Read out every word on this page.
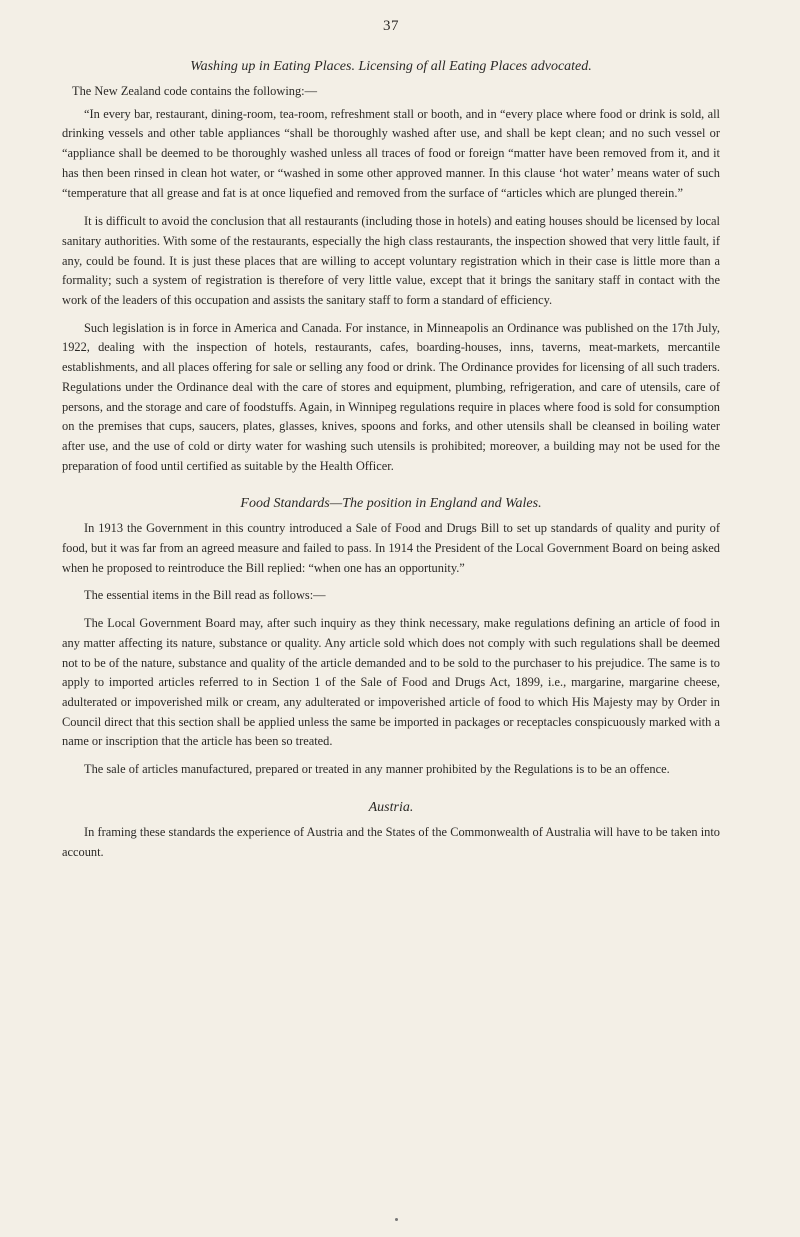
37
Washing up in Eating Places. Licensing of all Eating Places advocated.

The New Zealand code contains the following:—

“In every bar, restaurant, dining-room, tea-room, refreshment stall or booth, and in “every place where food or drink is sold, all drinking vessels and other table appliances “shall be thoroughly washed after use, and shall be kept clean; and no such vessel or “appliance shall be deemed to be thoroughly washed unless all traces of food or foreign “matter have been removed from it, and it has then been rinsed in clean hot water, or “washed in some other approved manner. In this clause ‘hot water’ means water of such “temperature that all grease and fat is at once liquefied and removed from the surface of “articles which are plunged therein.”

It is difficult to avoid the conclusion that all restaurants (including those in hotels) and eating houses should be licensed by local sanitary authorities. With some of the restaurants, especially the high class restaurants, the inspection showed that very little fault, if any, could be found. It is just these places that are willing to accept voluntary registration which in their case is little more than a formality; such a system of registration is therefore of very little value, except that it brings the sanitary staff in contact with the work of the leaders of this occupation and assists the sanitary staff to form a standard of efficiency.

Such legislation is in force in America and Canada. For instance, in Minneapolis an Ordinance was published on the 17th July, 1922, dealing with the inspection of hotels, restaurants, cafes, boarding-houses, inns, taverns, meat-markets, mercantile establishments, and all places offering for sale or selling any food or drink. The Ordinance provides for licensing of all such traders. Regulations under the Ordinance deal with the care of stores and equipment, plumbing, refrigeration, and care of utensils, care of persons, and the storage and care of foodstuffs. Again, in Winnipeg regulations require in places where food is sold for consumption on the premises that cups, saucers, plates, glasses, knives, spoons and forks, and other utensils shall be cleansed in boiling water after use, and the use of cold or dirty water for washing such utensils is prohibited; moreover, a building may not be used for the preparation of food until certified as suitable by the Health Officer.

Food Standards—The position in England and Wales.

In 1913 the Government in this country introduced a Sale of Food and Drugs Bill to set up standards of quality and purity of food, but it was far from an agreed measure and failed to pass. In 1914 the President of the Local Government Board on being asked when he proposed to reintroduce the Bill replied: “when one has an opportunity.”

The essential items in the Bill read as follows:—

The Local Government Board may, after such inquiry as they think necessary, make regulations defining an article of food in any matter affecting its nature, substance or quality. Any article sold which does not comply with such regulations shall be deemed not to be of the nature, substance and quality of the article demanded and to be sold to the purchaser to his prejudice. The same is to apply to imported articles referred to in Section 1 of the Sale of Food and Drugs Act, 1899, i.e., margarine, margarine cheese, adulterated or impoverished milk or cream, any adulterated or impoverished article of food to which His Majesty may by Order in Council direct that this section shall be applied unless the same be imported in packages or receptacles conspicuously marked with a name or inscription that the article has been so treated.

The sale of articles manufactured, prepared or treated in any manner prohibited by the Regulations is to be an offence.

Austria.

In framing these standards the experience of Austria and the States of the Commonwealth of Australia will have to be taken into account.
